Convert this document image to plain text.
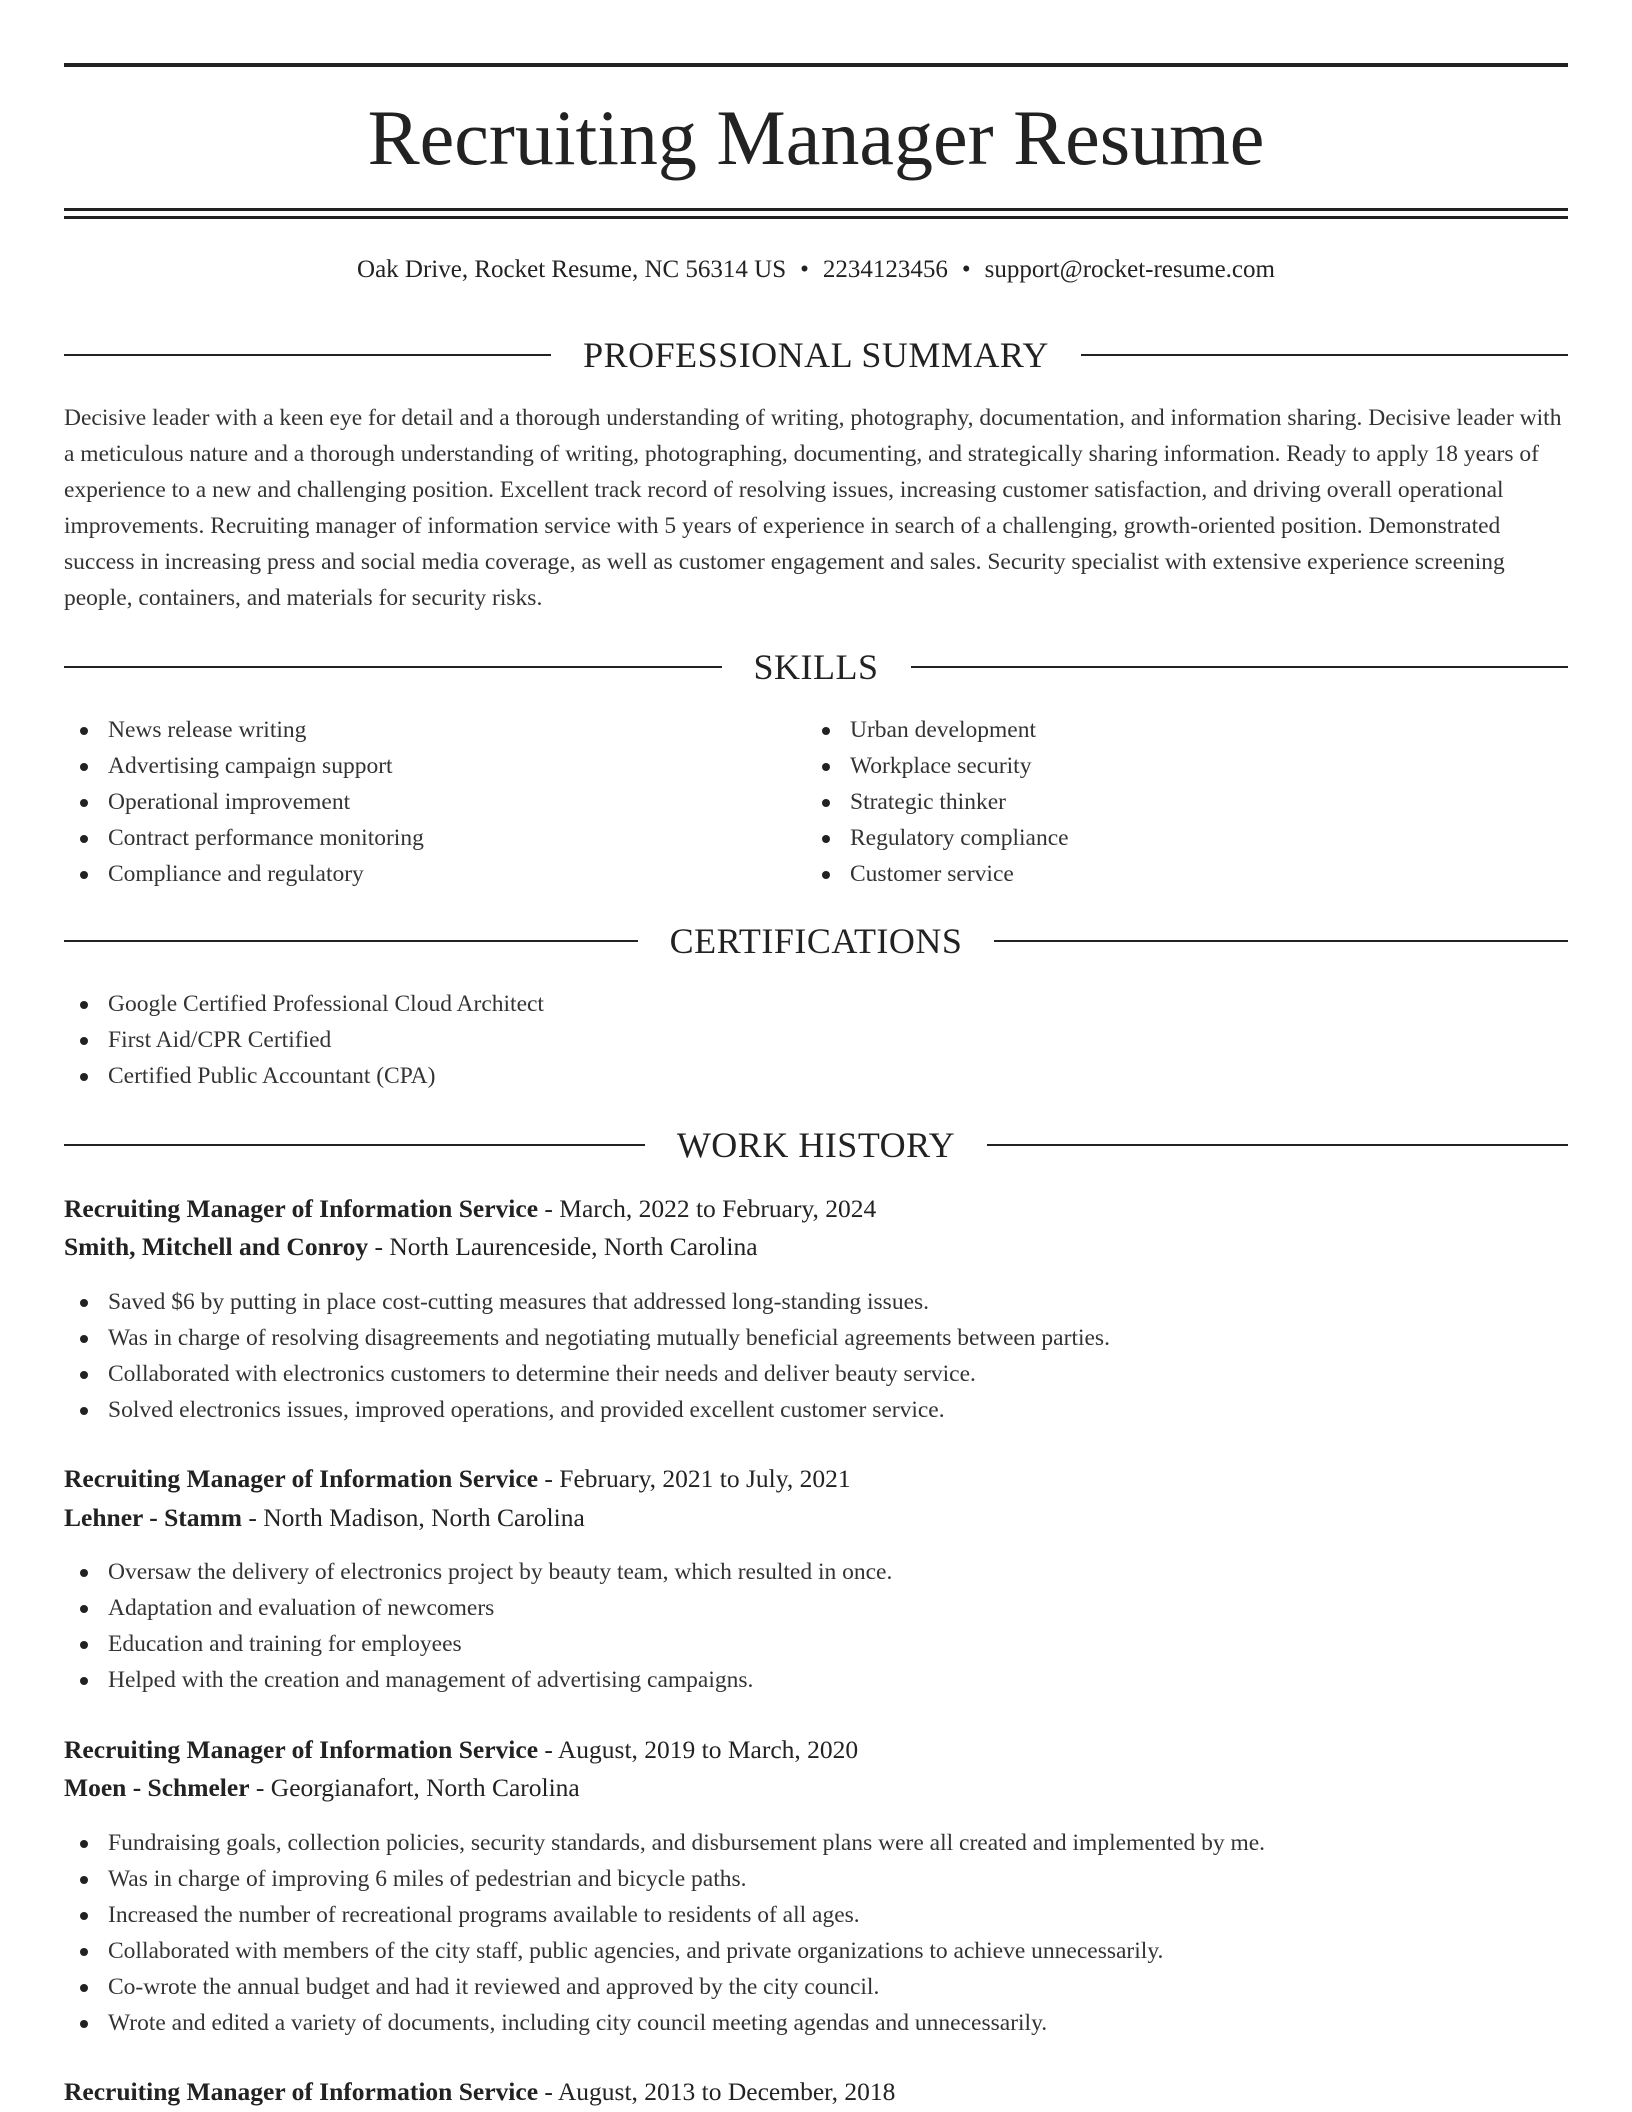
Recruiting Manager Resume
Oak Drive, Rocket Resume, NC 56314 US • 2234123456 • support@rocket-resume.com
PROFESSIONAL SUMMARY

Decisive leader with a keen eye for detail and a thorough understanding of writing, photography, documentation, and information sharing. Decisive leader with a meticulous nature and a thorough understanding of writing, photographing, documenting, and strategically sharing information. Ready to apply 18 years of experience to a new and challenging position. Excellent track record of resolving issues, increasing customer satisfaction, and driving overall operational improvements. Recruiting manager of information service with 5 years of experience in search of a challenging, growth-oriented position. Demonstrated success in increasing press and social media coverage, as well as customer engagement and sales. Security specialist with extensive experience screening people, containers, and materials for security risks.

SKILLS
News release writing
Advertising campaign support
Operational improvement
Contract performance monitoring
Compliance and regulatory
Urban development
Workplace security
Strategic thinker
Regulatory compliance
Customer service
CERTIFICATIONS
Google Certified Professional Cloud Architect
First Aid/CPR Certified
Certified Public Accountant (CPA)
WORK HISTORY
Recruiting Manager of Information Service - March, 2022 to February, 2024
Smith, Mitchell and Conroy - North Laurenceside, North Carolina
Saved $6 by putting in place cost-cutting measures that addressed long-standing issues.
Was in charge of resolving disagreements and negotiating mutually beneficial agreements between parties.
Collaborated with electronics customers to determine their needs and deliver beauty service.
Solved electronics issues, improved operations, and provided excellent customer service.
Recruiting Manager of Information Service - February, 2021 to July, 2021
Lehner - Stamm - North Madison, North Carolina
Oversaw the delivery of electronics project by beauty team, which resulted in once.
Adaptation and evaluation of newcomers
Education and training for employees
Helped with the creation and management of advertising campaigns.
Recruiting Manager of Information Service - August, 2019 to March, 2020
Moen - Schmeler - Georgianafort, North Carolina
Fundraising goals, collection policies, security standards, and disbursement plans were all created and implemented by me.
Was in charge of improving 6 miles of pedestrian and bicycle paths.
Increased the number of recreational programs available to residents of all ages.
Collaborated with members of the city staff, public agencies, and private organizations to achieve unnecessarily.
Co-wrote the annual budget and had it reviewed and approved by the city council.
Wrote and edited a variety of documents, including city council meeting agendas and unnecessarily.
Recruiting Manager of Information Service - August, 2013 to December, 2018
